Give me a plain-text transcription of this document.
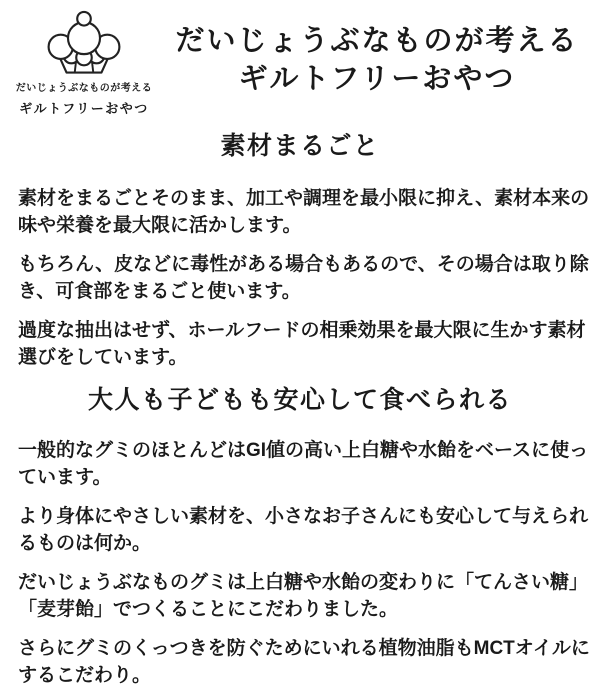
だいじょうぶなものが考える
ギルトフリーおやつ
だいじょうぶなものが考える
ギルトフリーおやつ
素材まるごと

素材をまるごとそのまま、加工や調理を最小限に抑え、素材本来の味や栄養を最大限に活かします。

もちろん、皮などに毒性がある場合もあるので、その場合は取り除き、可食部をまるごと使います。

過度な抽出はせず、ホールフードの相乗効果を最大限に生かす素材選びをしています。

大人も子どもも安心して食べられる

一般的なグミのほとんどはGI値の高い上白糖や水飴をベースに使っています。

より身体にやさしい素材を、小さなお子さんにも安心して与えられるものは何か。

だいじょうぶなものグミは上白糖や水飴の変わりに「てんさい糖」「麦芽飴」でつくることにこだわりました。

さらにグミのくっつきを防ぐためにいれる植物油脂もMCTオイルにするこだわり。
